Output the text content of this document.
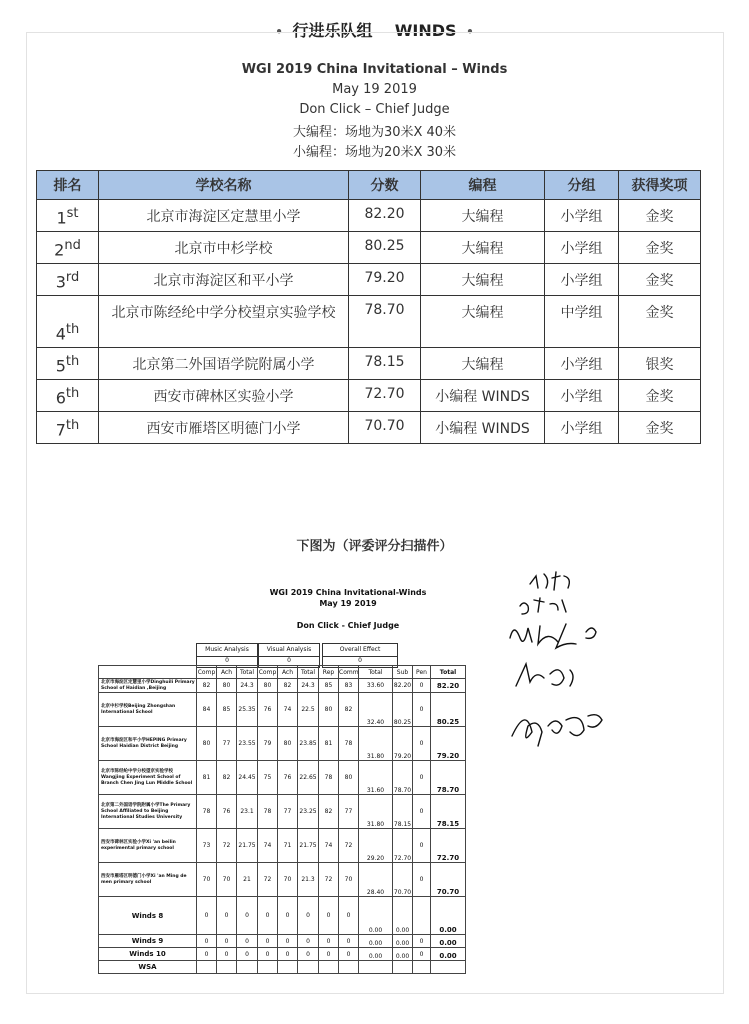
• 行进乐队组 WINDS •
WGI 2019 China Invitational – Winds
May 19 2019
Don Click – Chief Judge
大编程：场地为30米X 40米
小编程：场地为20米X 30米
排名	学校名称	分数	编程	分组	获得奖项
1st	北京市海淀区定慧里小学	82.20	大编程	小学组	金奖
2nd	北京市中杉学校	80.25	大编程	小学组	金奖
3rd	北京市海淀区和平小学	79.20	大编程	小学组	金奖
4th	北京市陈经纶中学分校望京实验学校	78.70	大编程	中学组	金奖
5th	北京第二外国语学院附属小学	78.15	大编程	小学组	银奖
6th	西安市碑林区实验小学	72.70	小编程 WINDS	小学组	金奖
7th	西安市雁塔区明德门小学	70.70	小编程 WINDS	小学组	金奖
下图为（评委评分扫描件）
WGI 2019 China Invitational-Winds
May 19 2019
Don Click - Chief Judge
Music Analysis	Visual Analysis	Overall Effect
0	0	0
	Comp	Ach	Total	Comp	Ach	Total	Rep	Comm	Total	Sub	Pen	Total
北京市海淀区定慧里小学Dinghuili Primary School of Haidian ,Beijing	82	80	24.3	80	82	24.3	85	83	33.60	82.20	0	82.20
北京中杉学校Beijing Zhongshan International School	84	85	25.35	76	74	22.5	80	82	32.40	80.25	0	80.25
北京市海淀区和平小学HEPING Primary School Haidian District Beijing	80	77	23.55	79	80	23.85	81	78	31.80	79.20	0	79.20
北京市陈经纶中学分校望京实验学校 Wangjing Experiment School of Branch Chen Jing Lun Middle School	81	82	24.45	75	76	22.65	78	80	31.60	78.70	0	78.70
北京第二外国语学院附属小学The Primary School Affiliated to Beijing International Studies University	78	76	23.1	78	77	23.25	82	77	31.80	78.15	0	78.15
西安市碑林区实验小学Xi 'an beilin experimental primary school	73	72	21.75	74	71	21.75	74	72	29.20	72.70	0	72.70
西安市雁塔区明德门小学Xi 'an Ming de men primary school	70	70	21	72	70	21.3	72	70	28.40	70.70	0	70.70
Winds 8	0	0	0	0	0	0	0	0	0.00	0.00		0.00
Winds 9	0	0	0	0	0	0	0	0	0.00	0.00	0	0.00
Winds 10	0	0	0	0	0	0	0	0	0.00	0.00	0	0.00
WSA												
